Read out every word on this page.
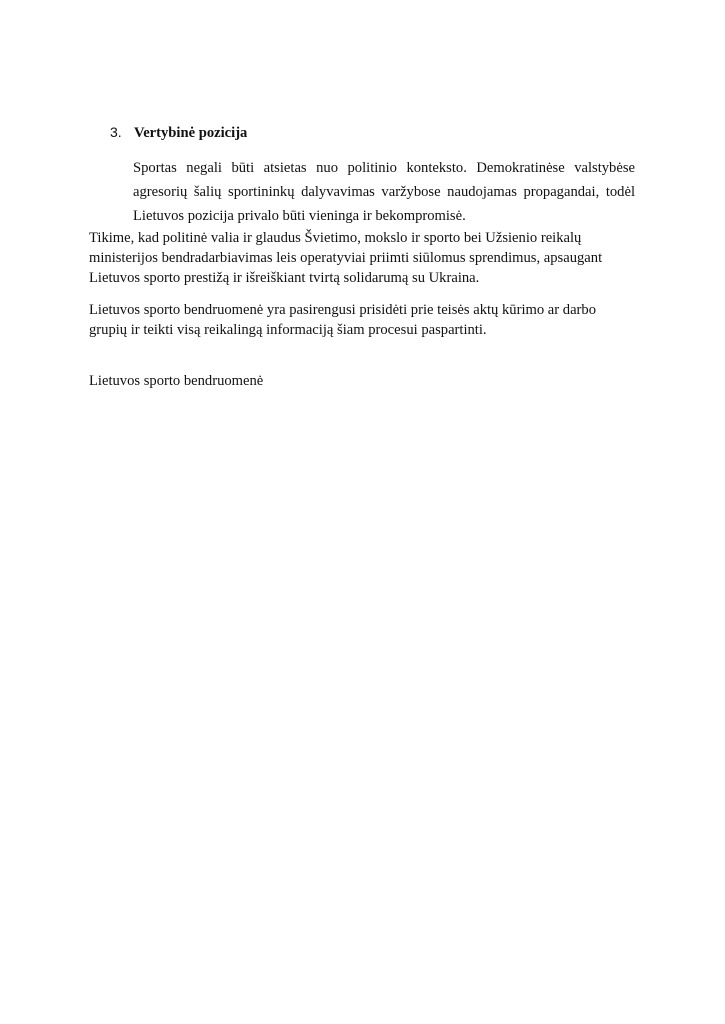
3. Vertybinė pozicija

Sportas negali būti atsietas nuo politinio konteksto. Demokratinėse valstybėse agresorių šalių sportininkų dalyvavimas varžybose naudojamas propagandai, todėl Lietuvos pozicija privalo būti vieninga ir bekompromisė.

Tikime, kad politinė valia ir glaudus Švietimo, mokslo ir sporto bei Užsienio reikalų
ministerijos bendradarbiavimas leis operatyviai priimti siūlomus sprendimus, apsaugant
Lietuvos sporto prestižą ir išreiškiant tvirtą solidarumą su Ukraina.
Lietuvos sporto bendruomenė yra pasirengusi prisidėti prie teisės aktų kūrimo ar darbo
grupių ir teikti visą reikalingą informaciją šiam procesui paspartinti.

Lietuvos sporto bendruomenė
